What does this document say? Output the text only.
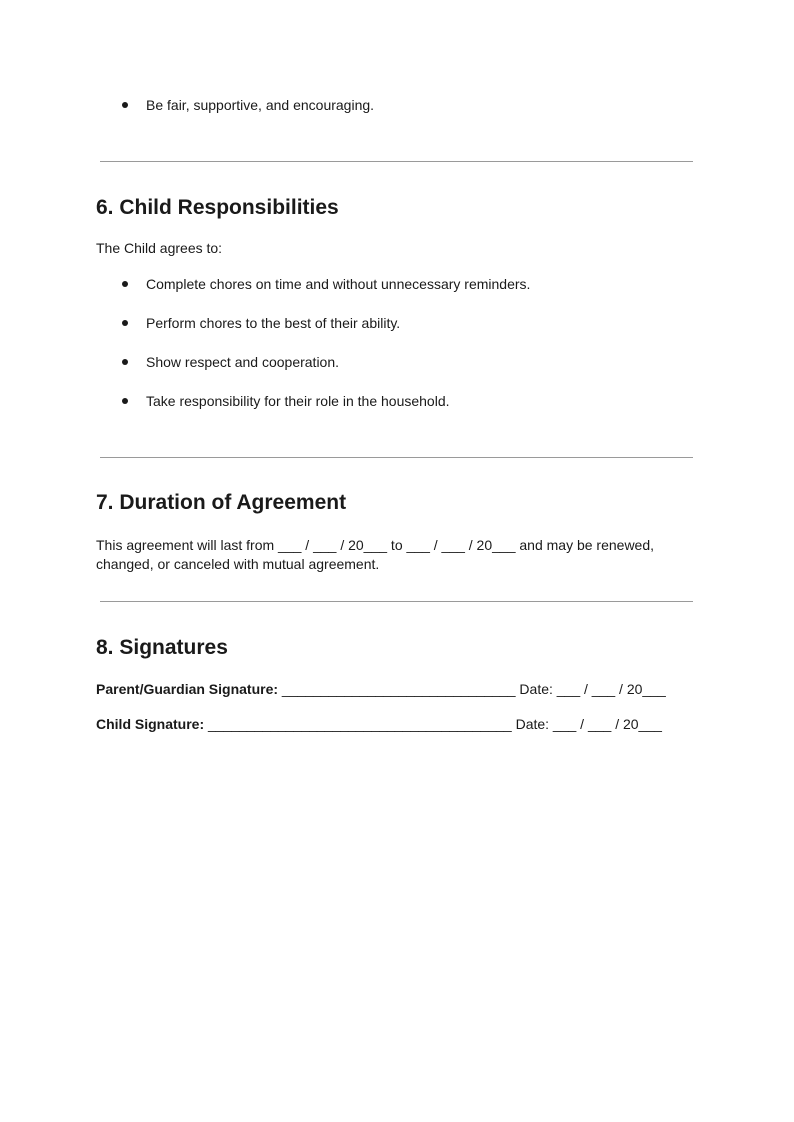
Be fair, supportive, and encouraging.
6. Child Responsibilities

The Child agrees to:

Complete chores on time and without unnecessary reminders.
Perform chores to the best of their ability.
Show respect and cooperation.
Take responsibility for their role in the household.
7. Duration of Agreement

This agreement will last from ___ / ___ / 20___ to ___ / ___ / 20___ and may be renewed,

changed, or canceled with mutual agreement.

8. Signatures
Parent/Guardian Signature: ______________________________ Date: ___ / ___ / 20___
Child Signature: _______________________________________ Date: ___ / ___ / 20___
